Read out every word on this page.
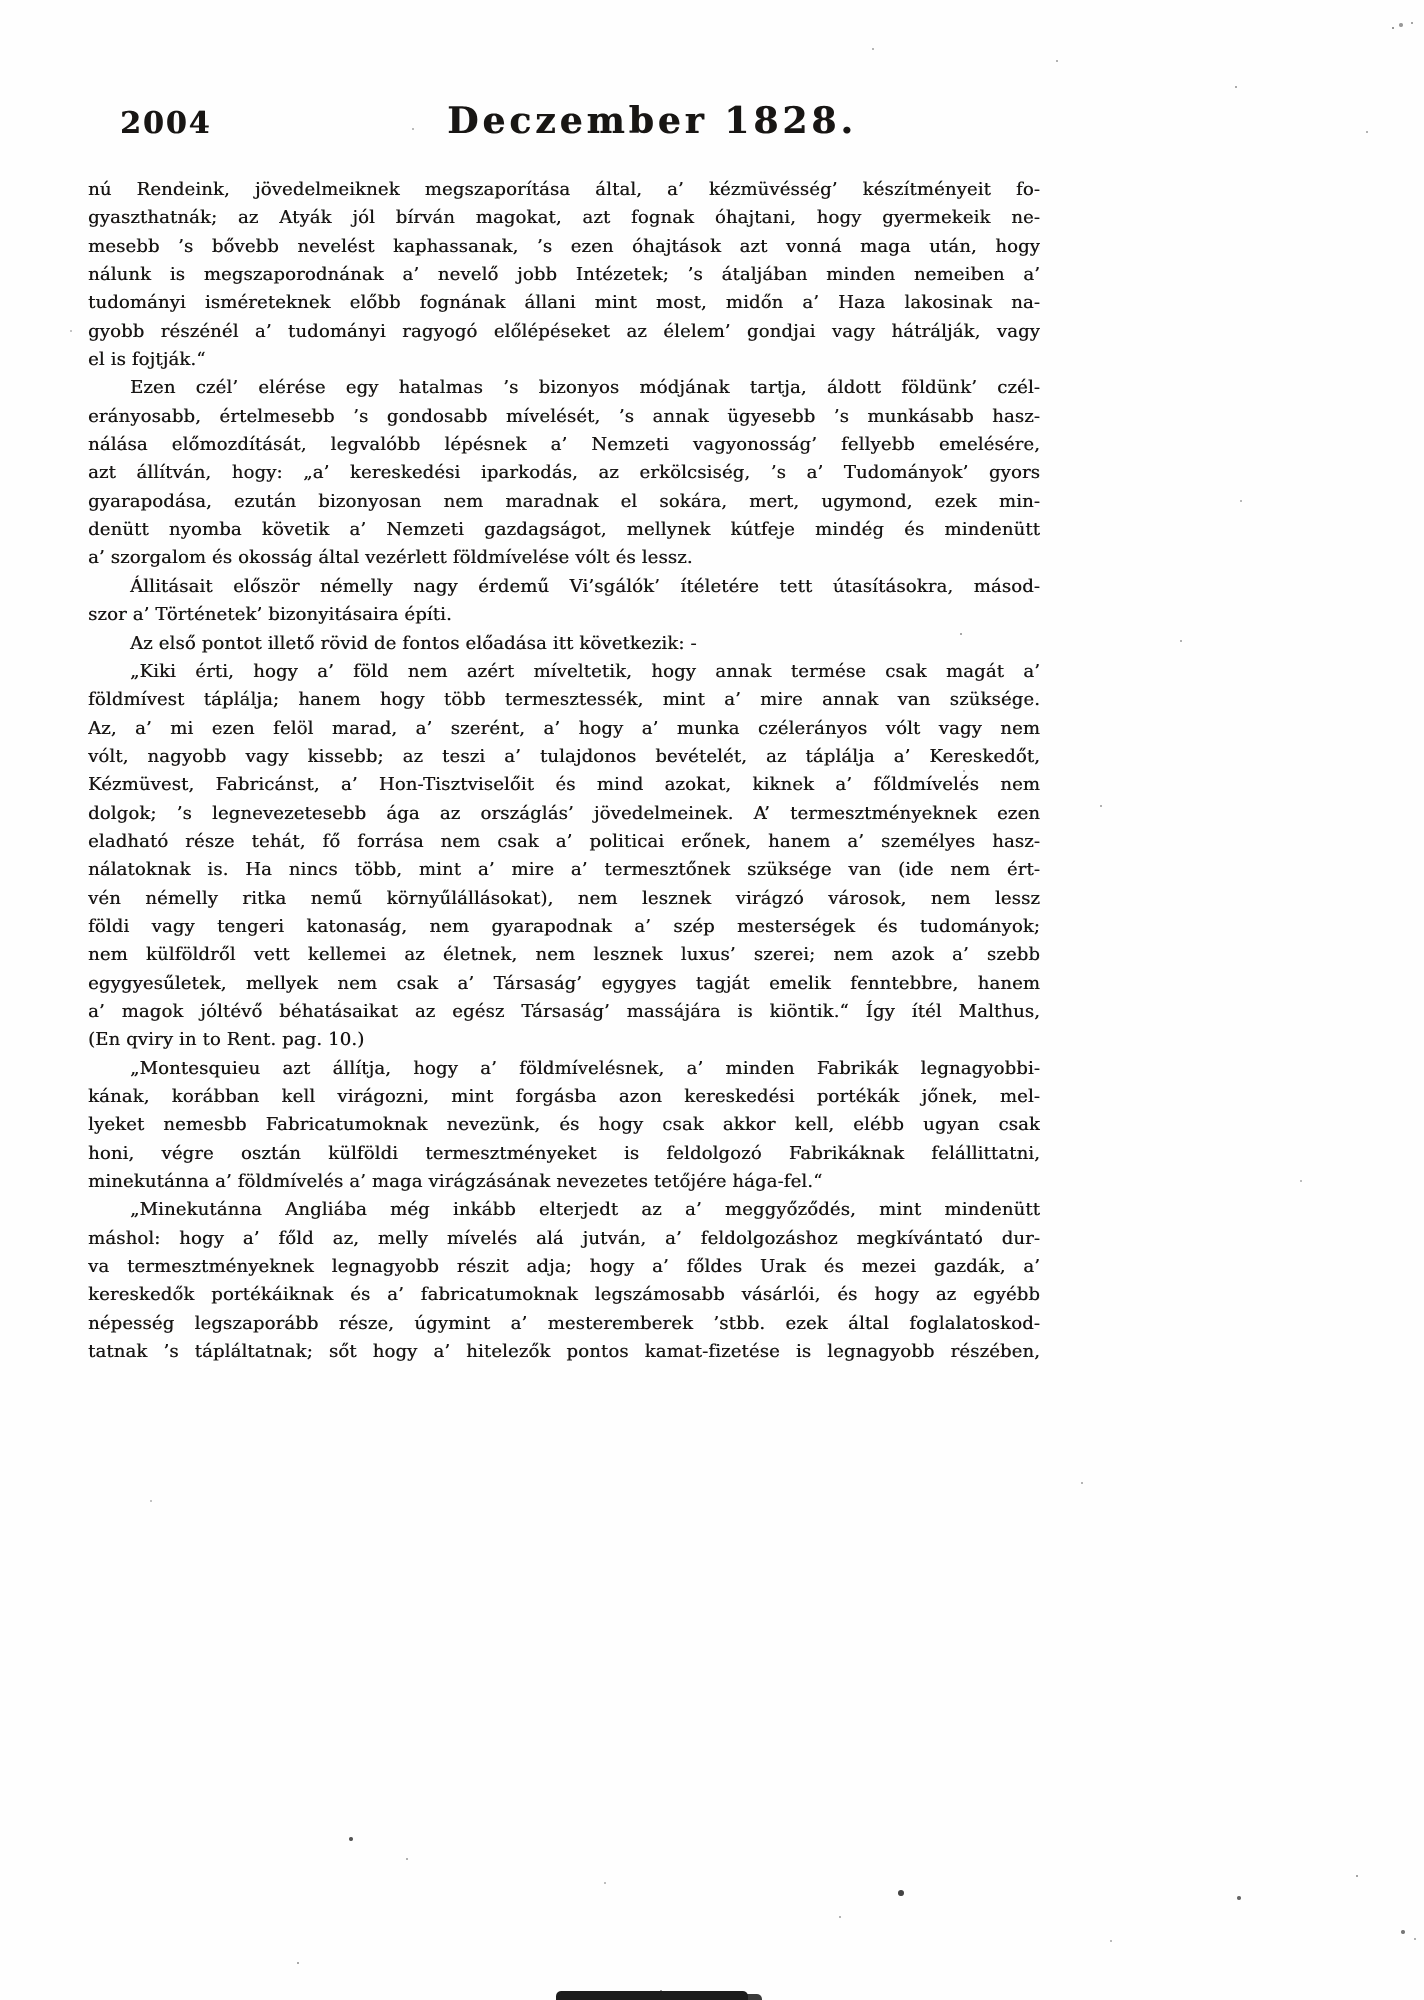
2004	Deczember 1828.
nú Rendeink, jövedelmeiknek megszaporítása által, a’ kézmüvésség’ készítményeit fo-
gyaszthatnák; az Atyák jól bírván magokat, azt fognak óhajtani, hogy gyermekeik ne-
mesebb ’s bővebb nevelést kaphassanak, ’s ezen óhajtások azt vonná maga után, hogy
nálunk is megszaporodnának a’ nevelő jobb Intézetek; ’s átaljában minden nemeiben a’
tudományi isméreteknek előbb fognának állani mint most, midőn a’ Haza lakosinak na-
gyobb részénél a’ tudományi ragyogó előlépéseket az élelem’ gondjai vagy hátrálják, vagy
el is fojtják.“
Ezen czél’ elérése egy hatalmas ’s bizonyos módjának tartja, áldott földünk’ czél-
erányosabb, értelmesebb ’s gondosabb mívelését, ’s annak ügyesebb ’s munkásabb hasz-
nálása előmozdítását, legvalóbb lépésnek a’ Nemzeti vagyonosság’ fellyebb emelésére,
azt állítván, hogy: „a’ kereskedési iparkodás, az erkölcsiség, ’s a’ Tudományok’ gyors
gyarapodása, ezután bizonyosan nem maradnak el sokára, mert, ugymond, ezek min-
denütt nyomba követik a’ Nemzeti gazdagságot, mellynek kútfeje mindég és mindenütt
a’ szorgalom és okosság által vezérlett földmívelése vólt és lessz.
Állitásait először némelly nagy érdemű Vi’sgálók’ ítéletére tett útasításokra, másod-
szor a’ Történetek’ bizonyitásaira építi.
Az első pontot illető rövid de fontos előadása itt következik: -
„Kiki érti, hogy a’ föld nem azért míveltetik, hogy annak termése csak magát a’
földmívest táplálja; hanem hogy több termesztessék, mint a’ mire annak van szüksége.
Az, a’ mi ezen felöl marad, a’ szerént, a’ hogy a’ munka czélerányos vólt vagy nem
vólt, nagyobb vagy kissebb; az teszi a’ tulajdonos bevételét, az táplálja a’ Kereskedőt,
Kézmüvest, Fabricánst, a’ Hon-Tisztviselőit és mind azokat, kiknek a’ főldmívelés nem
dolgok; ’s legnevezetesebb ága az országlás’ jövedelmeinek. A’ termesztményeknek ezen
eladható része tehát, fő forrása nem csak a’ politicai erőnek, hanem a’ személyes hasz-
nálatoknak is. Ha nincs több, mint a’ mire a’ termesztőnek szüksége van (ide nem ért-
vén némelly ritka nemű környűlállásokat), nem lesznek virágzó városok, nem lessz
földi vagy tengeri katonaság, nem gyarapodnak a’ szép mesterségek és tudományok;
nem külföldről vett kellemei az életnek, nem lesznek luxus’ szerei; nem azok a’ szebb
egygyesűletek, mellyek nem csak a’ Társaság’ egygyes tagját emelik fenntebbre, hanem
a’ magok jóltévő béhatásaikat az egész Társaság’ massájára is kiöntik.“ Így ítél Malthus,
(En qviry in to Rent. pag. 10.)
„Montesquieu azt állítja, hogy a’ földmívelésnek, a’ minden Fabrikák legnagyobbi-
kának, korábban kell virágozni, mint forgásba azon kereskedési portékák jőnek, mel-
lyeket nemesbb Fabricatumoknak nevezünk, és hogy csak akkor kell, elébb ugyan csak
honi, végre osztán külföldi termesztményeket is feldolgozó Fabrikáknak felállittatni,
minekutánna a’ földmívelés a’ maga virágzásának nevezetes tetőjére hága-fel.“
„Minekutánna Angliába még inkább elterjedt az a’ meggyőződés, mint mindenütt
máshol: hogy a’ főld az, melly mívelés alá jutván, a’ feldolgozáshoz megkívántató dur-
va termesztményeknek legnagyobb részit adja; hogy a’ főldes Urak és mezei gazdák, a’
kereskedők portékáiknak és a’ fabricatumoknak legszámosabb vásárlói, és hogy az egyébb
népesség legszaporább része, úgymint a’ mesteremberek ’stbb. ezek által foglalatoskod-
tatnak ’s tápláltatnak; sőt hogy a’ hitelezők pontos kamat-fizetése is legnagyobb részében,
